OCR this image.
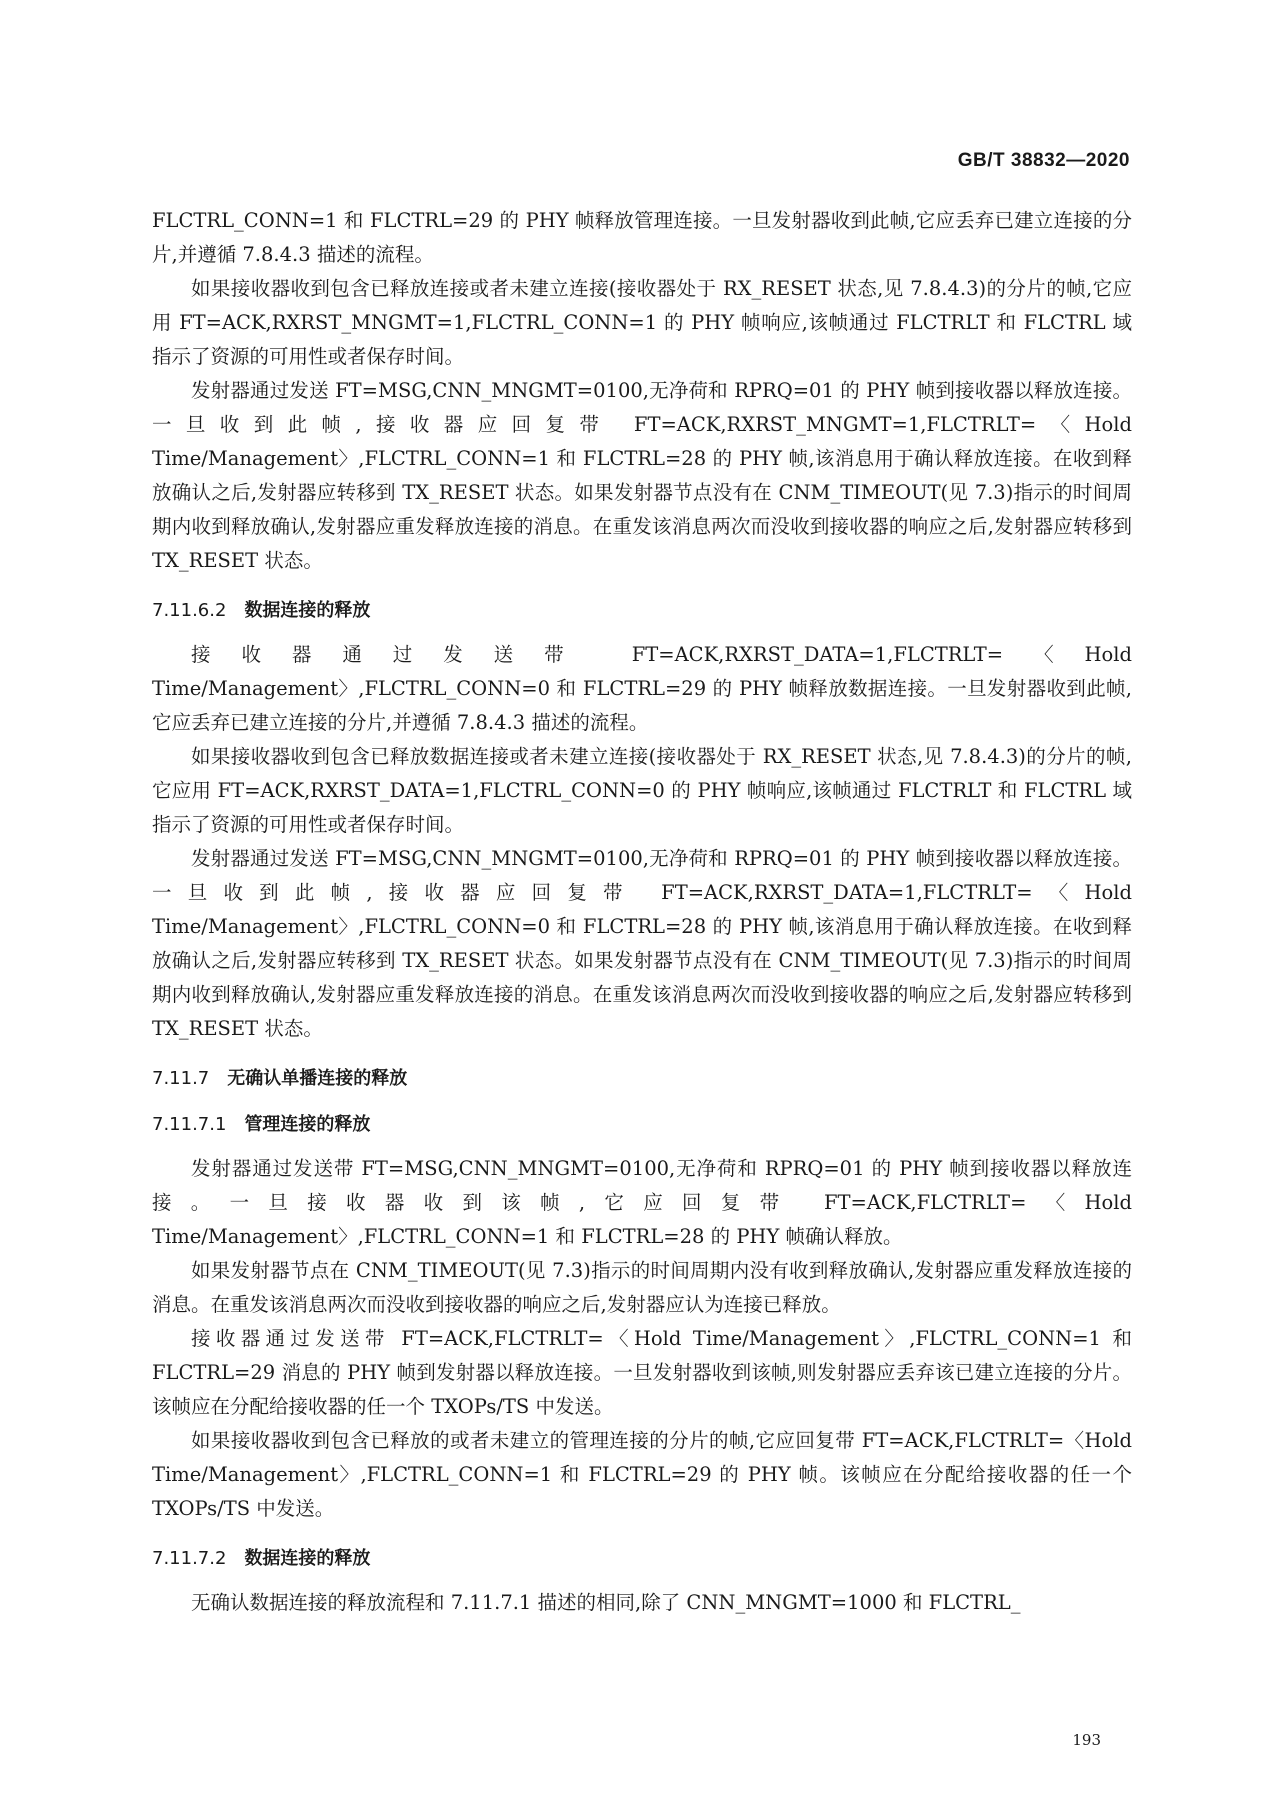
GB/T 38832—2020

FLCTRL_CONN=1 和 FLCTRL=29 的 PHY 帧释放管理连接。一旦发射器收到此帧,它应丢弃已建立连接的分片,并遵循 7.8.4.3 描述的流程。

如果接收器收到包含已释放连接或者未建立连接(接收器处于 RX_RESET 状态,见 7.8.4.3)的分片的帧,它应用 FT=ACK,RXRST_MNGMT=1,FLCTRL_CONN=1 的 PHY 帧响应,该帧通过 FLCTRLT 和 FLCTRL 域指示了资源的可用性或者保存时间。

发射器通过发送 FT=MSG,CNN_MNGMT=0100,无净荷和 RPRQ=01 的 PHY 帧到接收器以释放连接。一旦收到此帧,接收器应回复带 FT=ACK,RXRST_MNGMT=1,FLCTRLT=〈Hold Time/Management〉,FLCTRL_CONN=1 和 FLCTRL=28 的 PHY 帧,该消息用于确认释放连接。在收到释放确认之后,发射器应转移到 TX_RESET 状态。如果发射器节点没有在 CNM_TIMEOUT(见 7.3)指示的时间周期内收到释放确认,发射器应重发释放连接的消息。在重发该消息两次而没收到接收器的响应之后,发射器应转移到 TX_RESET 状态。

7.11.6.2 数据连接的释放

接收器通过发送带 FT=ACK,RXRST_DATA=1,FLCTRLT=〈Hold Time/Management〉,FLCTRL_CONN=0 和 FLCTRL=29 的 PHY 帧释放数据连接。一旦发射器收到此帧,它应丢弃已建立连接的分片,并遵循 7.8.4.3 描述的流程。

如果接收器收到包含已释放数据连接或者未建立连接(接收器处于 RX_RESET 状态,见 7.8.4.3)的分片的帧,它应用 FT=ACK,RXRST_DATA=1,FLCTRL_CONN=0 的 PHY 帧响应,该帧通过 FLCTRLT 和 FLCTRL 域指示了资源的可用性或者保存时间。

发射器通过发送 FT=MSG,CNN_MNGMT=0100,无净荷和 RPRQ=01 的 PHY 帧到接收器以释放连接。一旦收到此帧,接收器应回复带 FT=ACK,RXRST_DATA=1,FLCTRLT=〈Hold Time/Management〉,FLCTRL_CONN=0 和 FLCTRL=28 的 PHY 帧,该消息用于确认释放连接。在收到释放确认之后,发射器应转移到 TX_RESET 状态。如果发射器节点没有在 CNM_TIMEOUT(见 7.3)指示的时间周期内收到释放确认,发射器应重发释放连接的消息。在重发该消息两次而没收到接收器的响应之后,发射器应转移到 TX_RESET 状态。

7.11.7 无确认单播连接的释放
7.11.7.1 管理连接的释放

发射器通过发送带 FT=MSG,CNN_MNGMT=0100,无净荷和 RPRQ=01 的 PHY 帧到接收器以释放连接。一旦接收器收到该帧,它应回复带 FT=ACK,FLCTRLT=〈Hold Time/Management〉,FLCTRL_CONN=1 和 FLCTRL=28 的 PHY 帧确认释放。

如果发射器节点在 CNM_TIMEOUT(见 7.3)指示的时间周期内没有收到释放确认,发射器应重发释放连接的消息。在重发该消息两次而没收到接收器的响应之后,发射器应认为连接已释放。

接收器通过发送带 FT=ACK,FLCTRLT=〈Hold Time/Management〉,FLCTRL_CONN=1 和 FLCTRL=29 消息的 PHY 帧到发射器以释放连接。一旦发射器收到该帧,则发射器应丢弃该已建立连接的分片。该帧应在分配给接收器的任一个 TXOPs/TS 中发送。

如果接收器收到包含已释放的或者未建立的管理连接的分片的帧,它应回复带 FT=ACK,FLCTRLT=〈Hold Time/Management〉,FLCTRL_CONN=1 和 FLCTRL=29 的 PHY 帧。该帧应在分配给接收器的任一个 TXOPs/TS 中发送。

7.11.7.2 数据连接的释放

无确认数据连接的释放流程和 7.11.7.1 描述的相同,除了 CNN_MNGMT=1000 和 FLCTRL_

193
